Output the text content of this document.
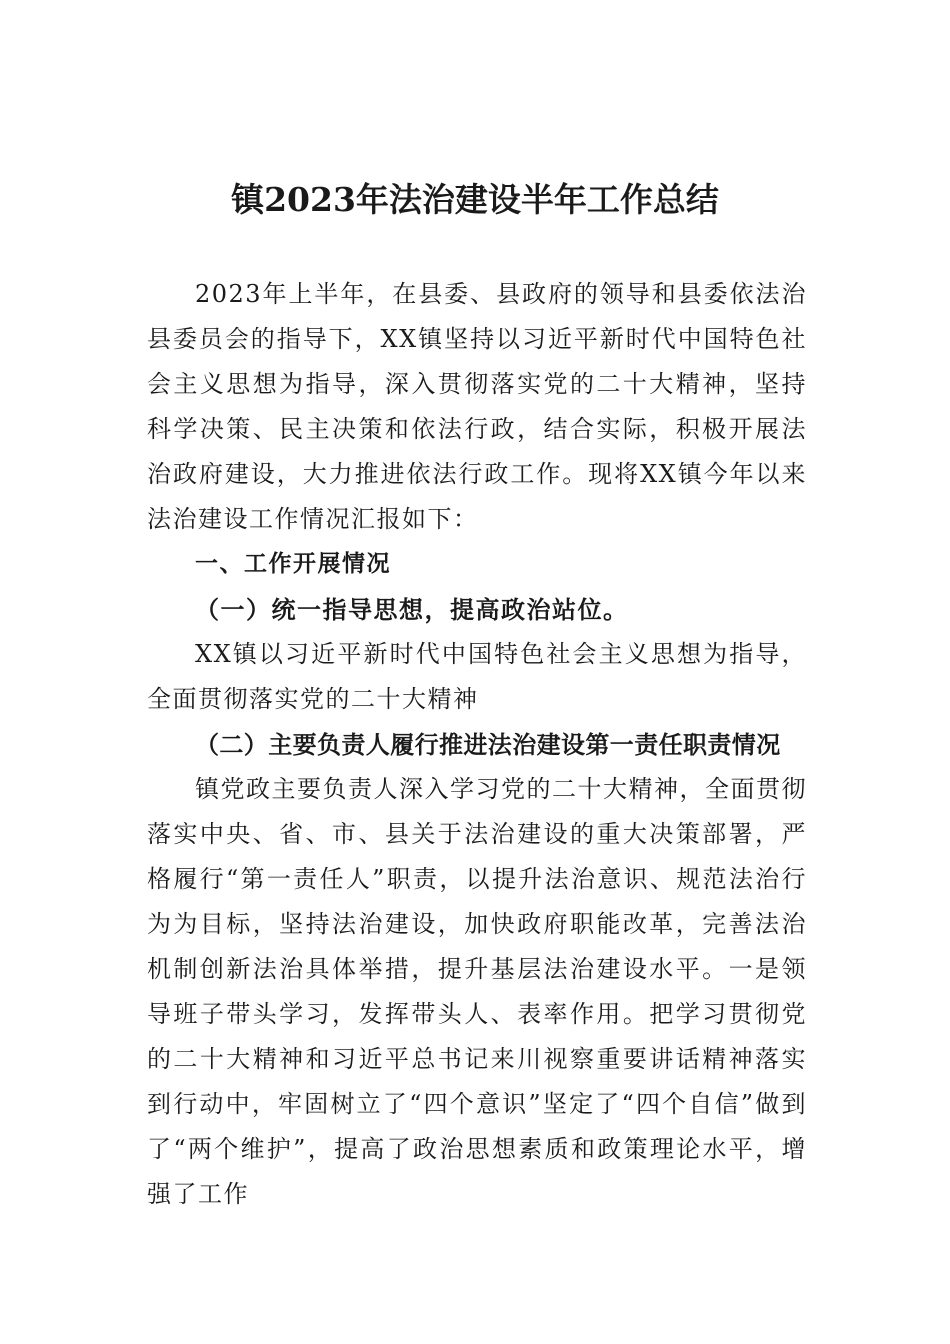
镇2023年法治建设半年工作总结

2023年上半年，在县委、县政府的领导和县委依法治县委员会的指导下，XX镇坚持以习近平新时代中国特色社会主义思想为指导，深入贯彻落实党的二十大精神，坚持科学决策、民主决策和依法行政，结合实际，积极开展法治政府建设，大力推进依法行政工作。现将XX镇今年以来法治建设工作情况汇报如下：

一、工作开展情况

（一）统一指导思想，提高政治站位。

XX镇以习近平新时代中国特色社会主义思想为指导，全面贯彻落实党的二十大精神

（二）主要负责人履行推进法治建设第一责任职责情况

镇党政主要负责人深入学习党的二十大精神，全面贯彻落实中央、省、市、县关于法治建设的重大决策部署，严格履行“第一责任人”职责，以提升法治意识、规范法治行为为目标，坚持法治建设，加快政府职能改革，完善法治机制创新法治具体举措，提升基层法治建设水平。一是领导班子带头学习，发挥带头人、表率作用。把学习贯彻党的二十大精神和习近平总书记来川视察重要讲话精神落实到行动中，牢固树立了“四个意识”坚定了“四个自信”做到了“两个维护”，提高了政治思想素质和政策理论水平，增强了工作
